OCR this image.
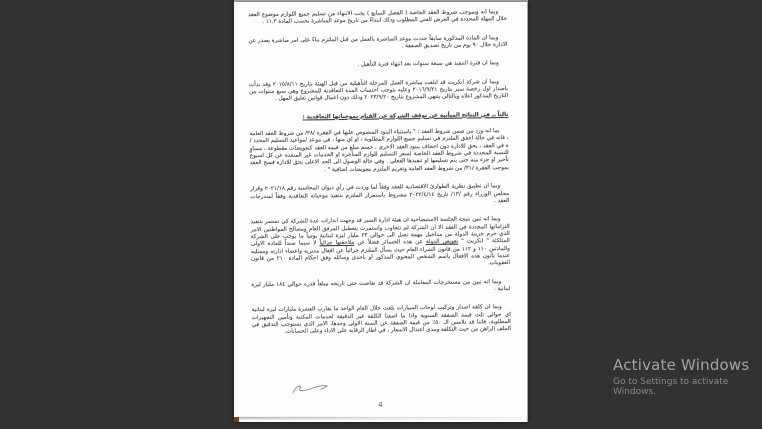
وبما انه وبموجب شروط العقد الخاصة ( الفصل السابع ) يجب الانتهاء من تسليم جميع اللوازم موضوع العقد خلال المهلة المحددة في العرض الفني المطلوب وذلك ابتداءً من تاريخ موعد المباشرة بحسب المادة ١١.٢ .

وبما ان المادة المذكورة سابقاً حددت موعد المباشرة بالعمل من قبل الملتزم بناءً على امر مباشرة يصدر عن الادارة خلال ٩٠ يوم من تاريخ تصديق الصفقة .

وبما ان فترة التنفيذ هي سبعة سنوات بعد انتهاء فترة التأهيل .

وبما ان شركة انكريت قد ابلغت مباشرة العمل للمرحلة التأهيلية من قبل الهيئة بتاريخ ٢٠١٥/٨/١١ وقد بدأت باصدار اول رخصة سير بتاريخ ٢٠١٦/٩/٢١ وعليه يتوجب احتساب المدة التعاقدية للمشروع وهي سبع سنوات من التاريخ المذكور اعلاه وبالتالي ينتهي المشروع بتاريخ ٢٠٢٣/٩/٢٠ وذلك دون اعمال قوانين تعليق المهل .

ثالثاً ــ في النتائج المتأتية عن توقف الشركة عن القيام بموجباتها التعاقدية :

بما انه ورد من ضمن شروط العقد : " باستثناء البنود المنصوص عليها في الفقرة /٢٨/ من شروط العقد العامة ، فانه في حالة اخفق الملتزم في تسليم جميع اللوازم المطلوبة ، او اي منها ، في موعد /مواعيد التسليم المحدد /ة في العقد ، يحق للادارة دون اجحاف ببنود العقد الاخرى ، حسم مبلغ من قيمة العقد كتعويضات مقطوعة ، مساوٍ للنسبة المحددة في شروط العقد الخاصة لسعر التسليم للوازم المتأخرة او الخدمات غير المنفذة عن كل اسبوع تأخير او جزء منه حتى يتم تسليمها او تنفيذها الفعلي . وفي حالة الوصول الى الحد الاعلى يحق للادارة فسخ العقد بموجب الفقرة /٣١/ من شروط العقد العامة وتغريم الملتزم بتعويضات اضافية " .

وبما ان تطبيق نظرية الطوارئ الاقتصادية للعقد وفقاً لما وردت في رأي ديوان المحاسبة رقم ٢٠٢١/١٨ وقرار مجلس الوزراء رقم /١٣/ تاريخ ٢٠٢٢/٤/١٤ مشروط باستمرار الملتزم بتنفيذ موجباته التعاقدية وفقاً لمندرجات العقد .

وبما انه تبين نتيجة الجلسة الاستيضاحية ان هيئة ادارة السير قد وجهت انذارات عدة للشركة كي تستمر بتنفيذ التزاماتها المحددة في العقد الا ان الشركة لم تتجاوب واستمرت بتعطيل المرفق العام ومصالح المواطنين الامر الذي حرم خزينة الدولة من مداخيل مهمة تصل الى حوالي ٢٣ مليار ليرة لبنانية يومياً ما يوجب على الشركة المتلكئة " انكريت " تعويض الدولة عن هذه الخسائر فضلاً عن ملاحقتها جزائياً لا سيما سنداً للمادة الاولى والمادتين ١١٠ و ١١٢ من قانون الشراء العام حيث يسأل الملتزم جزائياً عن افعال مديريه واعضاء ادارته وممثليه عندما يأتون هذه الافعال باسم الشخص المعنوي المذكور او باحدى وسائله وفق احكام المادة ٢١٠ من قانون العقوبات.

وبما انه تبين من مستخرجات المعاملة ان الشركة قد تقاضت حتى تاريخه مبلغاً قدره حوالي ١٨٤ مليار ليرة لبنانية .

وبما ان كلفة اصدار وتركيب لوحات السيارات بلغت خلال العام الواحد ما يقارب العشرة مليارات ليرة لبنانية اي حوالي ثلث قيمة الصفقة السنوية واذا ما اضفنا الكلفة غير الدقيقة لخدمات المكننة وتأمين التجهيزات المطلوبة، فاننا قد نلامس الـ ٥٠٪ من قيمة الصفقة عن السنة الاولى وحدها، الامر الذي يستوجب التدقيق في الملف الراهن من حيث التكلفة ومدى اعتدال الاسعار ، في اطار الرقابة على الاداء وعلى الحسابات.

4
Activate Windows
Go to Settings to activate Windows.
